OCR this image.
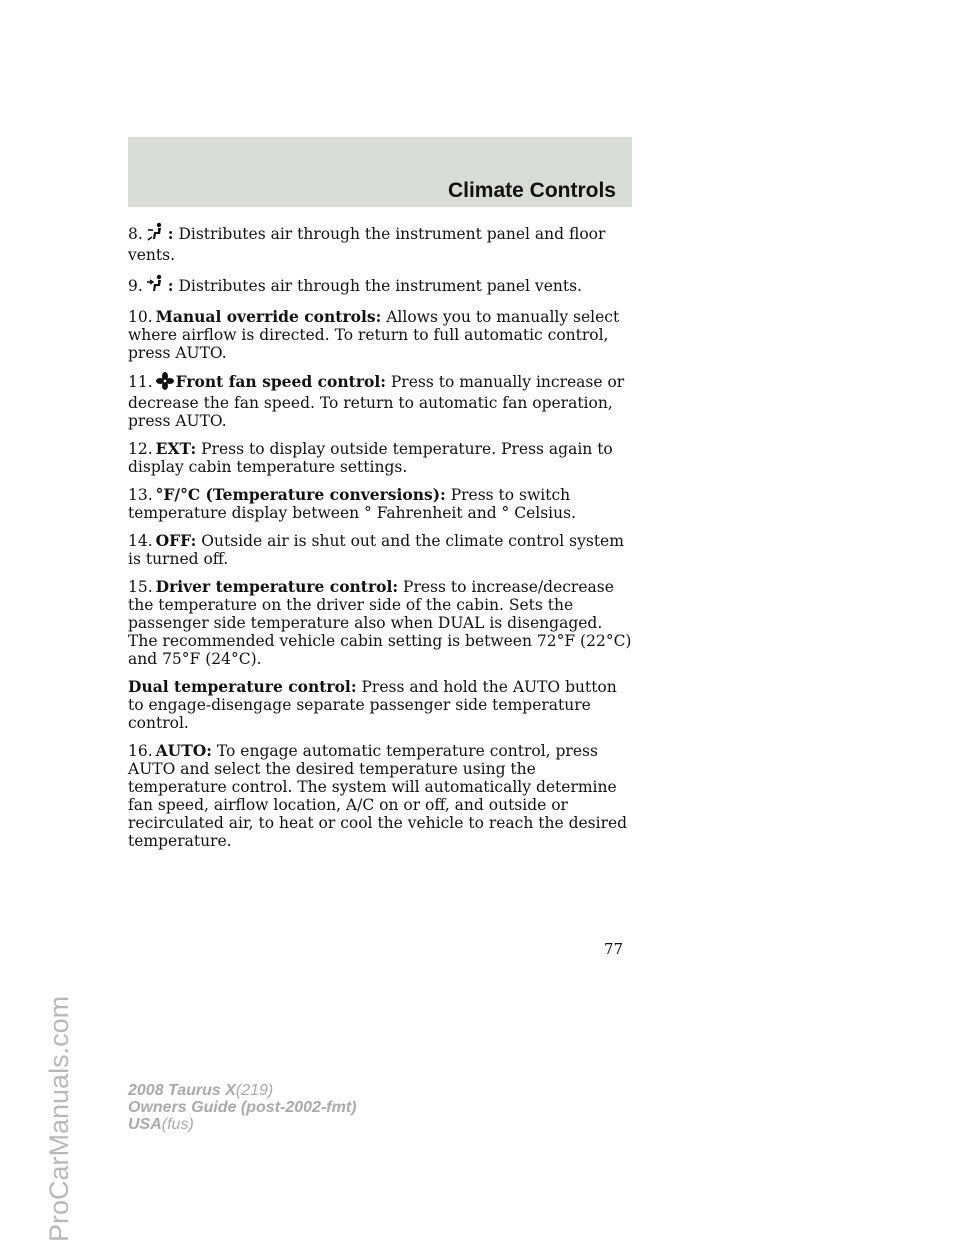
Climate Controls

8. : Distributes air through the instrument panel and floor vents.

9. : Distributes air through the instrument panel vents.

10. Manual override controls: Allows you to manually select where airflow is directed. To return to full automatic control, press AUTO.

11. Front fan speed control: Press to manually increase or decrease the fan speed. To return to automatic fan operation, press AUTO.

12. EXT: Press to display outside temperature. Press again to display cabin temperature settings.

13. °F/°C (Temperature conversions): Press to switch temperature display between ° Fahrenheit and ° Celsius.

14. OFF: Outside air is shut out and the climate control system is turned off.

15. Driver temperature control: Press to increase/decrease the temperature on the driver side of the cabin. Sets the passenger side temperature also when DUAL is disengaged. The recommended vehicle cabin setting is between 72°F (22°C) and 75°F (24°C).

Dual temperature control: Press and hold the AUTO button to engage-disengage separate passenger side temperature control.

16. AUTO: To engage automatic temperature control, press AUTO and select the desired temperature using the temperature control. The system will automatically determine fan speed, airflow location, A/C on or off, and outside or recirculated air, to heat or cool the vehicle to reach the desired temperature.

77
2008 Taurus X(219)
Owners Guide (post-2002-fmt)
USA(fus)
ProCarManuals.com
